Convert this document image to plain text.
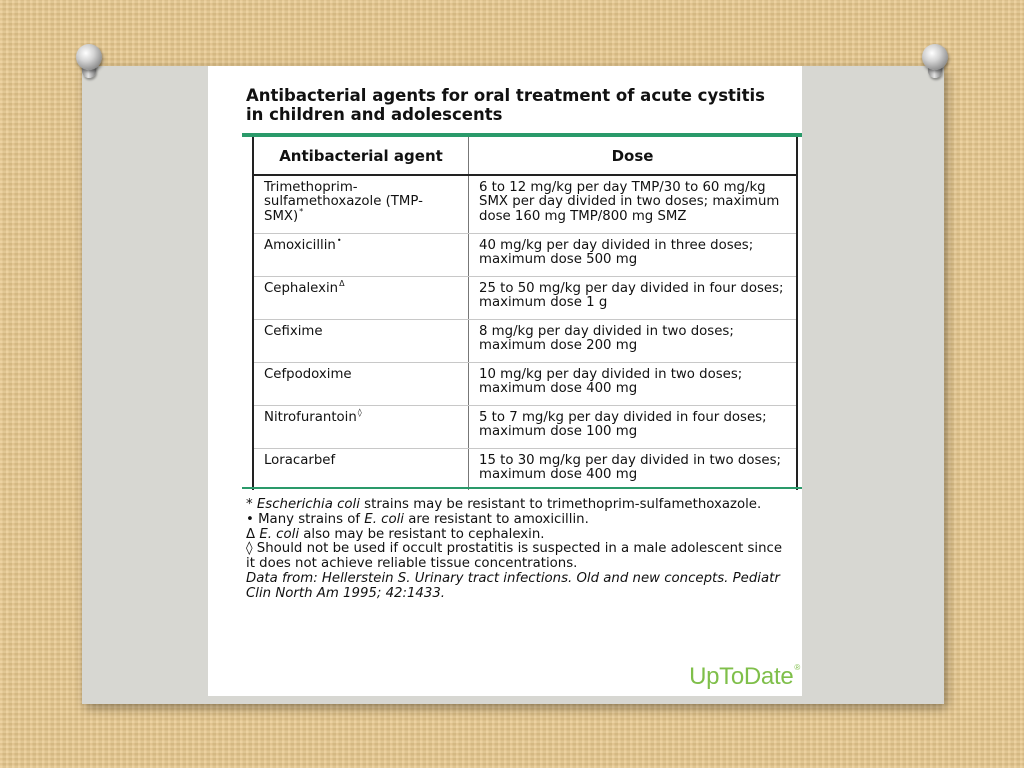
Antibacterial agents for oral treatment of acute cystitis in children and adolescents
Antibacterial agent	Dose
Trimethoprim-sulfamethoxazole (TMP-SMX)*	6 to 12 mg/kg per day TMP/30 to 60 mg/kg SMX per day divided in two doses; maximum dose 160 mg TMP/800 mg SMZ
Amoxicillin•	40 mg/kg per day divided in three doses; maximum dose 500 mg
Cephalexin$^\Delta$	25 to 50 mg/kg per day divided in four doses; maximum dose 1 g
Cefixime	8 mg/kg per day divided in two doses; maximum dose 200 mg
Cefpodoxime	10 mg/kg per day divided in two doses; maximum dose 400 mg
Nitrofurantoin◊	5 to 7 mg/kg per day divided in four doses; maximum dose 100 mg
Loracarbef	15 to 30 mg/kg per day divided in two doses; maximum dose 400 mg

* Escherichia coli strains may be resistant to trimethoprim-sulfamethoxazole.

• Many strains of E. coli are resistant to amoxicillin.

Δ E. coli also may be resistant to cephalexin.

◊ Should not be used if occult prostatitis is suspected in a male adolescent since it does not achieve reliable tissue concentrations.

Data from: Hellerstein S. Urinary tract infections. Old and new concepts. Pediatr Clin North Am 1995; 42:1433.

UpToDate®
